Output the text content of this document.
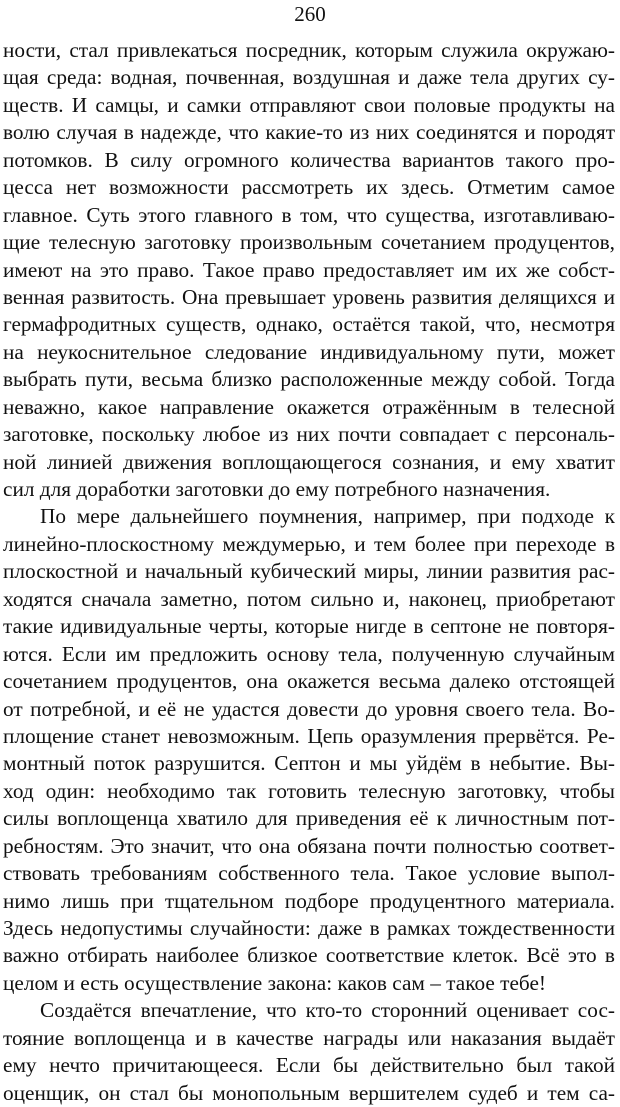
260
ности, стал привлекаться посредник, которым служила окружаю-
щая среда: водная, почвенная, воздушная и даже тела других су-
ществ. И самцы, и самки отправляют свои половые продукты на
волю случая в надежде, что какие-то из них соединятся и породят
потомков. В силу огромного количества вариантов такого про-
цесса нет возможности рассмотреть их здесь. Отметим самое
главное. Суть этого главного в том, что существа, изготавливаю-
щие телесную заготовку произвольным сочетанием продуцентов,
имеют на это право. Такое право предоставляет им их же собст-
венная развитость. Она превышает уровень развития делящихся и
гермафродитных существ, однако, остаётся такой, что, несмотря
на неукоснительное следование индивидуальному пути, может
выбрать пути, весьма близко расположенные между собой. Тогда
неважно, какое направление окажется отражённым в телесной
заготовке, поскольку любое из них почти совпадает с персональ-
ной линией движения воплощающегося сознания, и ему хватит
сил для доработки заготовки до ему потребного назначения.
По мере дальнейшего поумнения, например, при подходе к
линейно-плоскостному междумерью, и тем более при переходе в
плоскостной и начальный кубический миры, линии развития рас-
ходятся сначала заметно, потом сильно и, наконец, приобретают
такие идивидуальные черты, которые нигде в септоне не повторя-
ются. Если им предложить основу тела, полученную случайным
сочетанием продуцентов, она окажется весьма далеко отстоящей
от потребной, и её не удастся довести до уровня своего тела. Во-
площение станет невозможным. Цепь оразумления прервётся. Ре-
монтный поток разрушится. Септон и мы уйдём в небытие. Вы-
ход один: необходимо так готовить телесную заготовку, чтобы
силы воплощенца хватило для приведения её к личностным пот-
ребностям. Это значит, что она обязана почти полностью соответ-
ствовать требованиям собственного тела. Такое условие выпол-
нимо лишь при тщательном подборе продуцентного материала.
Здесь недопустимы случайности: даже в рамках тождественности
важно отбирать наиболее близкое соответствие клеток. Всё это в
целом и есть осуществление закона: каков сам – такое тебе!
Создаётся впечатление, что кто-то сторонний оценивает сос-
тояние воплощенца и в качестве награды или наказания выдаёт
ему нечто причитающееся. Если бы действительно был такой
оценщик, он стал бы монопольным вершителем судеб и тем са-
